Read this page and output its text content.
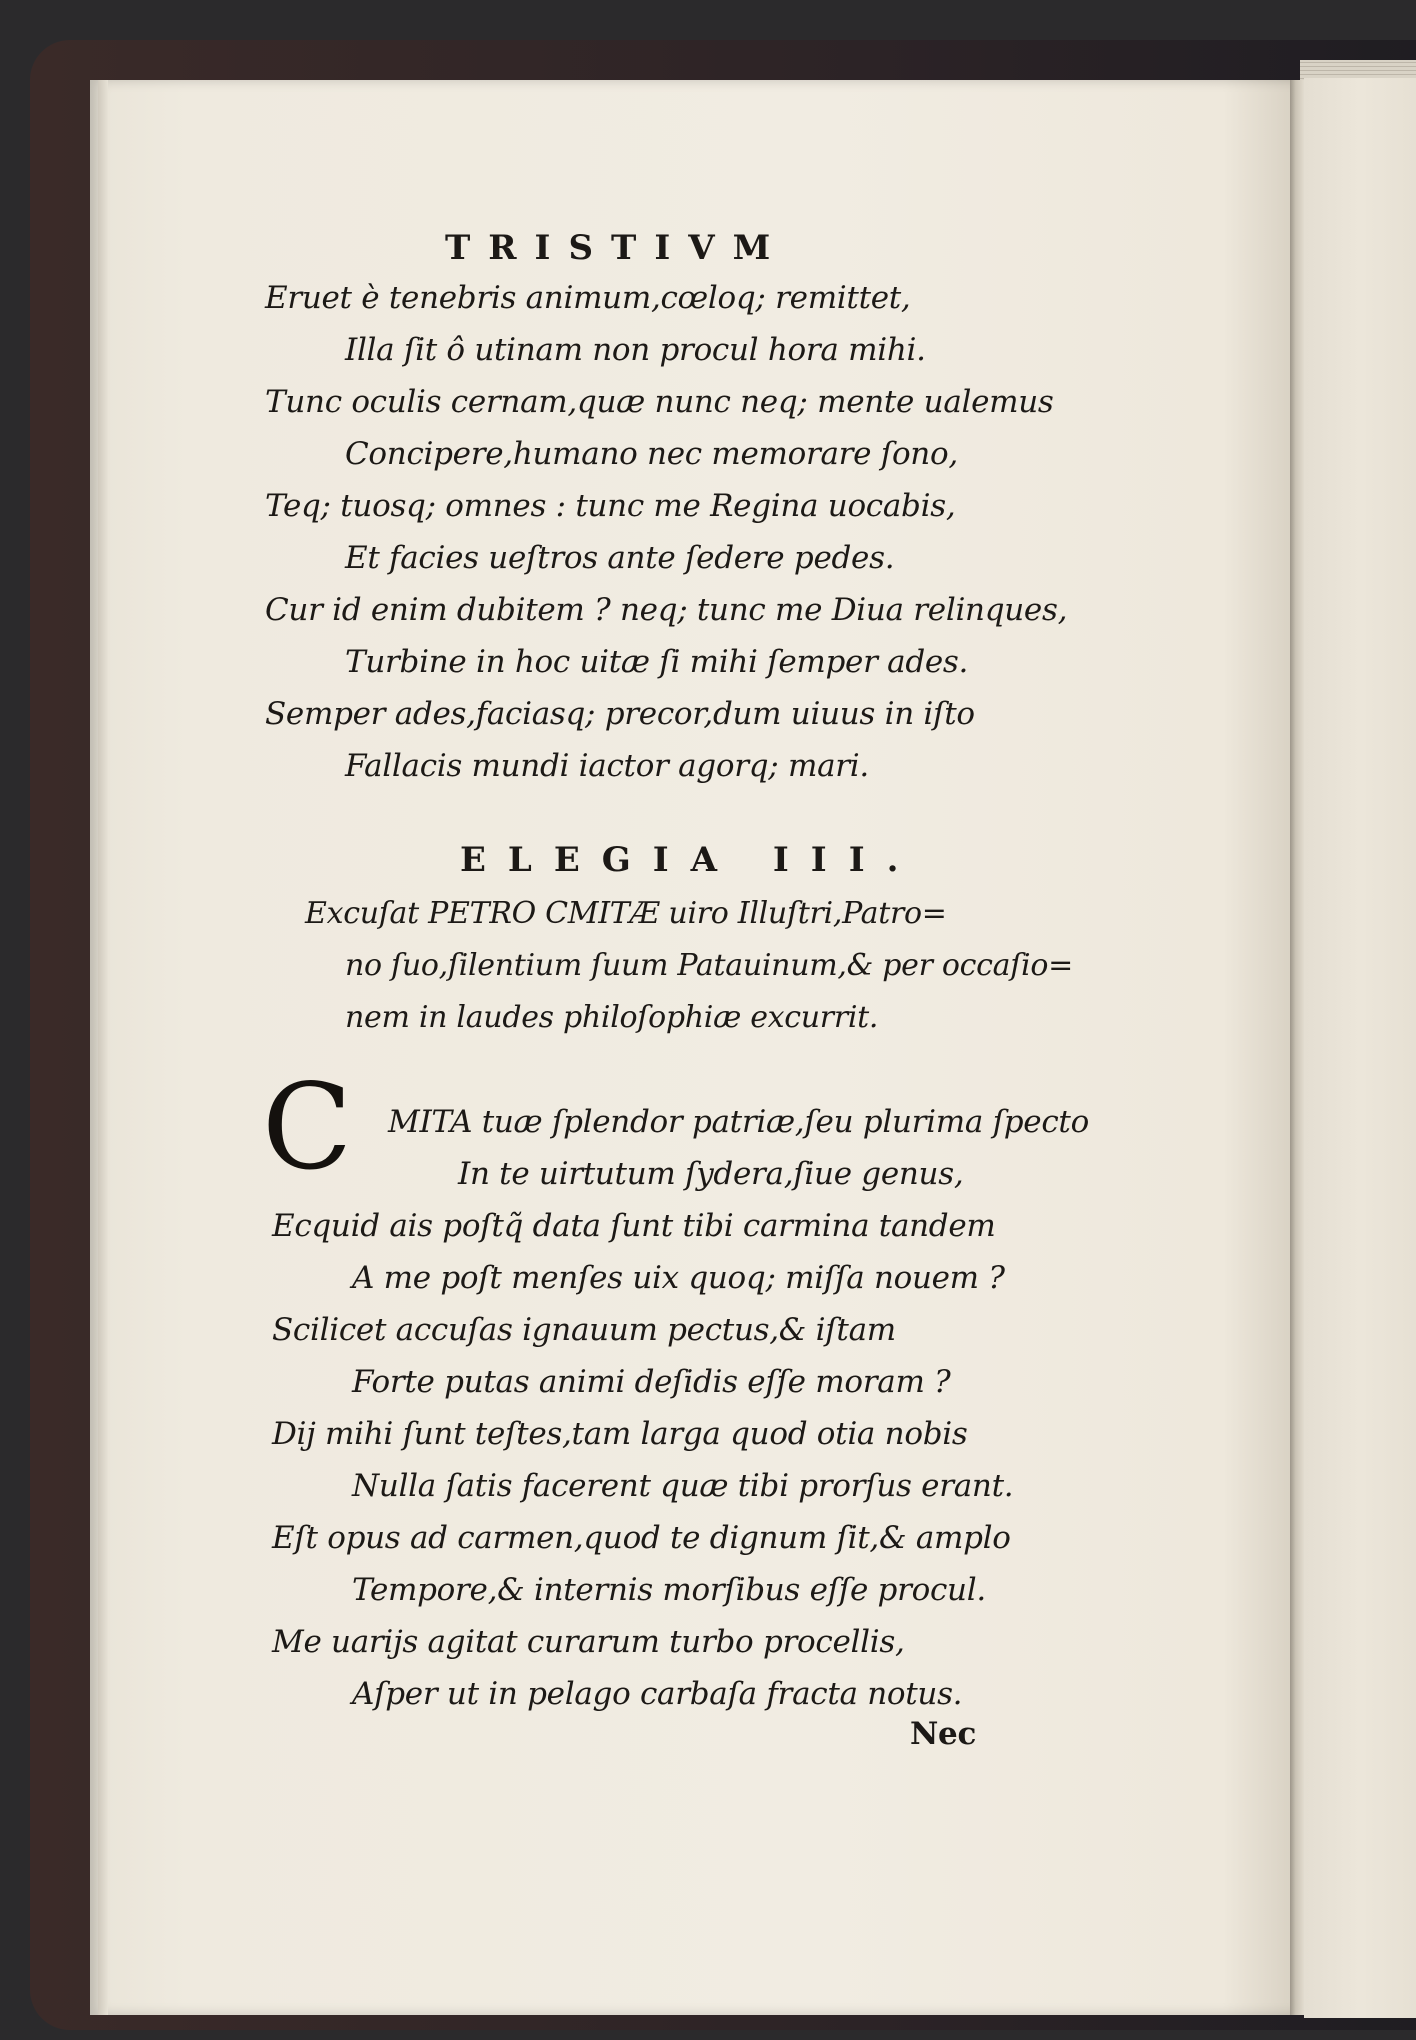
TRISTIVM
Eruet è tenebris animum,cœloq; remittet,
Illa ſit ô utinam non procul hora mihi.
Tunc oculis cernam,quæ nunc neq; mente ualemus
Concipere,humano nec memorare ſono,
Teq; tuosq; omnes : tunc me Regina uocabis,
Et facies ueſtros ante ſedere pedes.
Cur id enim dubitem ? neq; tunc me Diua relinques,
Turbine in hoc uitæ ſi mihi ſemper ades.
Semper ades,faciasq; precor,dum uiuus in iſto
Fallacis mundi iactor agorq; mari.
ELEGIA III.
Excuſat PETRO CMITÆ uiro Illuſtri,Patro=
no ſuo,ſilentium ſuum Patauinum,& per occaſio=
nem in laudes philoſophiæ excurrit.
C MITA tuæ ſplendor patriæ,ſeu plurima ſpecto
In te uirtutum ſydera,ſiue genus,
Ecquid ais poſtq̃ data ſunt tibi carmina tandem
A me poſt menſes uix quoq; miſſa nouem ?
Scilicet accuſas ignauum pectus,& iſtam
Forte putas animi deſidis eſſe moram ?
Dij mihi ſunt teſtes,tam larga quod otia nobis
Nulla ſatis facerent quæ tibi prorſus erant.
Eſt opus ad carmen,quod te dignum ſit,& amplo
Tempore,& internis morſibus eſſe procul.
Me uarijs agitat curarum turbo procellis,
Aſper ut in pelago carbaſa fracta notus.
Nec
